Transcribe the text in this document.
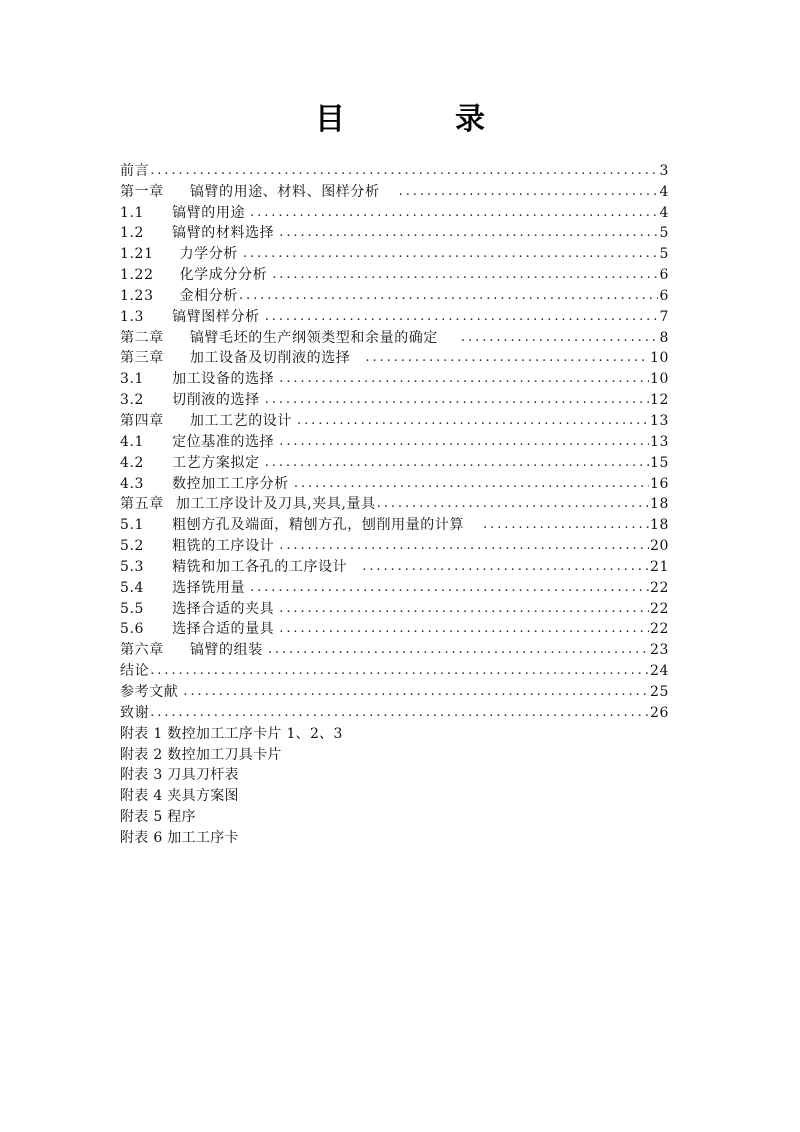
目　录
前言 . . .	3
第一章 镐臂的用途、材料、图样分析 . . .	4
1.1 镐臂的用途 . . .	4
1.2 镐臂的材料选择 . . .	5
1.21 力学分析 . . .	5
1.22 化学成分分析 . . .	6
1.23 金相分析 . . .	6
1.3 镐臂图样分析 . . .	7
第二章 镐臂毛坯的生产纲领类型和余量的确定 . . .	8
第三章 加工设备及切削液的选择 . . .	10
3.1 加工设备的选择 . . .	10
3.2 切削液的选择 . . .	12
第四章 加工工艺的设计 . . .	13
4.1 定位基准的选择 . . .	13
4.2 工艺方案拟定 . . .	15
4.3 数控加工工序分析 . . .	16
第五章 加工工序设计及刀具,夹具,量具 . . .	18
5.1 粗刨方孔及端面，精刨方孔，刨削用量的计算 . . .	18
5.2 粗铣的工序设计 . . .	20
5.3 精铣和加工各孔的工序设计 . . .	21
5.4 选择铣用量 . . .	22
5.5 选择合适的夹具 . . .	22
5.6 选择合适的量具 . . .	22
第六章 镐臂的组装 . . .	23
结论 . . .	24
参考文献 . . .	25
致谢 . . .	26
附表 1 数控加工工序卡片 1、2、3
附表 2 数控加工刀具卡片
附表 3 刀具刀杆表
附表 4 夹具方案图
附表 5 程序
附表 6 加工工序卡
